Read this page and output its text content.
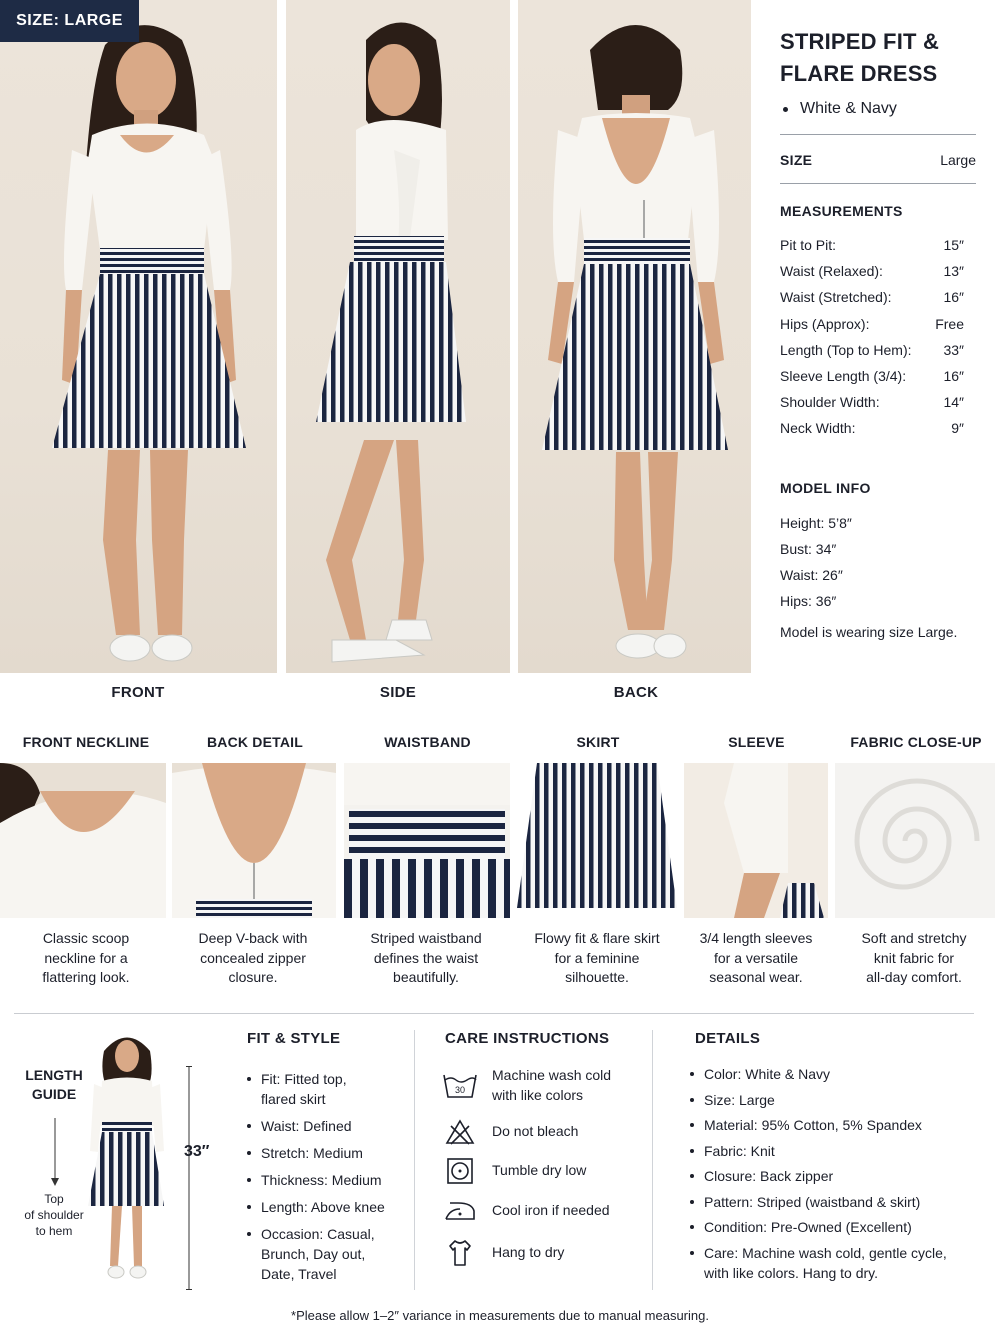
SIZE: LARGE
FRONT	SIDE	BACK
STRIPED FIT &
FLARE DRESS
White & Navy
SIZE	Large
MEASUREMENTS
Pit to Pit:	15″
Waist (Relaxed):	13″
Waist (Stretched):	16″
Hips (Approx):	Free
Length (Top to Hem): 33″
Sleeve Length (3/4):	16″
Shoulder Width:	14″
Neck Width:	9″
MODEL INFO
Height: 5’8″
Bust: 34″
Waist: 26″
Hips: 36″
Model is wearing size Large.
FRONT NECKLINE	BACK DETAIL	WAISTBAND	SKIRT	SLEEVE	FABRIC CLOSE-UP
Classic scoop
neckline for a
flattering look.
Deep V-back with
concealed zipper
closure.
Striped waistband
defines the waist
beautifully.
Flowy fit & flare skirt
for a feminine
silhouette.
3/4 length sleeves
for a versatile
seasonal wear.
Soft and stretchy
knit fabric for
all-day comfort.
LENGTH
GUIDE
Top
of shoulder
to hem
33″
FIT & STYLE
Fit: Fitted top,
flared skirt
Waist: Defined
Stretch: Medium
Thickness: Medium
Length: Above knee
Occasion: Casual,
Brunch, Day out,
Date, Travel
CARE INSTRUCTIONS
30
Machine wash cold
with like colors
Do not bleach
Tumble dry low
Cool iron if needed
Hang to dry
DETAILS
Color: White & Navy
Size: Large
Material: 95% Cotton, 5% Spandex
Fabric: Knit
Closure: Back zipper
Pattern: Striped (waistband & skirt)
Condition: Pre-Owned (Excellent)
Care: Machine wash cold, gentle cycle,
with like colors. Hang to dry.
*Please allow 1–2″ variance in measurements due to manual measuring.
